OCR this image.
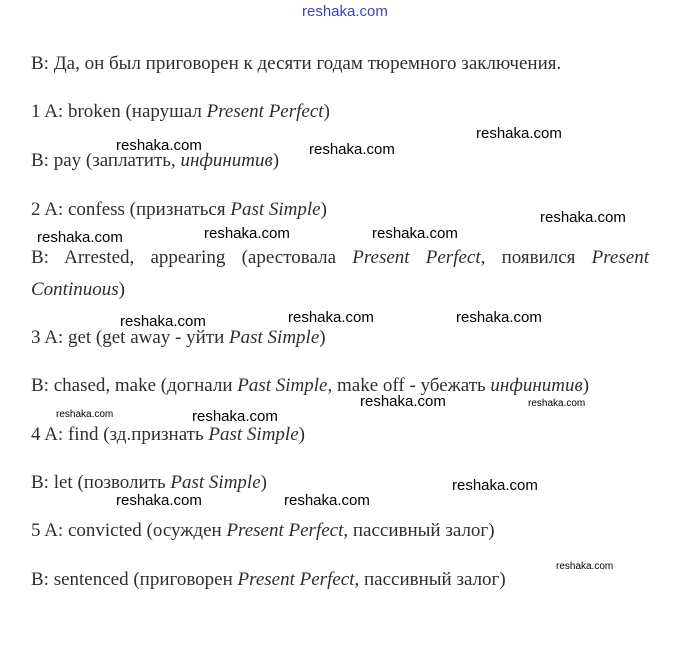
reshaka.com

B: Да, он был приговорен к десяти годам тюремного заключения.

1 A: broken (нарушал Present Perfect)

B: pay (заплатить, инфинитив)

2 A: confess (признаться Past Simple)

B: Arrested, appearing (арестовала Present Perfect, появился Present

Continuous)

3 A: get (get away - уйти Past Simple)

B: chased, make (догнали Past Simple, make off - убежать инфинитив)

4 A: find (зд.признать Past Simple)

B: let (позволить Past Simple)

5 A: convicted (осужден Present Perfect, пассивный залог)

B: sentenced (приговорен Present Perfect, пассивный залог)

reshaka.com
reshaka.com	reshaka.com
reshaka.com
reshaka.com	reshaka.com	reshaka.com
reshaka.com	reshaka.com
reshaka.com
reshaka.com	reshaka.com
reshaka.com	reshaka.com
reshaka.com
reshaka.com	reshaka.com
reshaka.com
